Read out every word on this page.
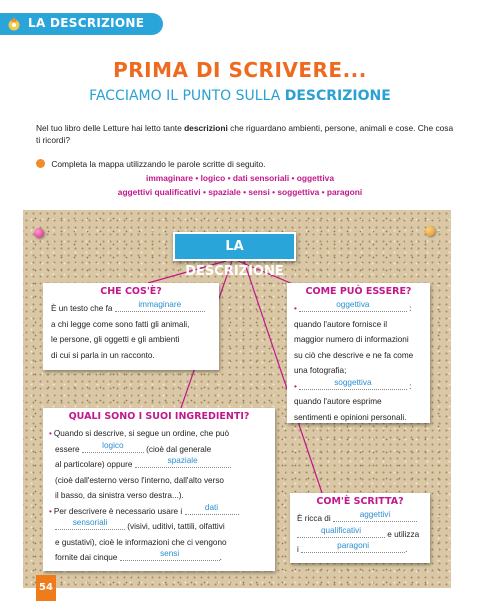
LA DESCRIZIONE
PRIMA DI SCRIVERE...
FACCIAMO IL PUNTO SULLA DESCRIZIONE

Nel tuo libro delle Letture hai letto tante descrizioni che riguardano ambienti, persone, animali e cose. Che cosa ti ricordi?

Completa la mappa utilizzando le parole scritte di seguito.

immaginare • logico • dati sensoriali • oggettiva
aggettivi qualificativi • spaziale • sensi • soggettiva • paragoni
LA DESCRIZIONE
CHE COS'È?
È un testo che fa	immaginare
a chi legge come sono fatti gli animali,
le persone, gli oggetti e gli ambienti
di cui si parla in un racconto.
COME PUÒ ESSERE?
•	oggettiva	:
quando l'autore fornisce il
maggior numero di informazioni
su ciò che descrive e ne fa come
una fotografia;
•	soggettiva	:
quando l'autore esprime
sentimenti e opinioni personali.
QUALI SONO I SUOI INGREDIENTI?
• Quando si descrive, si segue un ordine, che può
essere	logico	(cioè dal generale
al particolare) oppure	spaziale
(cioè dall'esterno verso l'interno, dall'alto verso
il basso, da sinistra verso destra...).
• Per descrivere è necessario usare i	dati
sensoriali (visivi, uditivi, tattili, olfattivi
e gustativi), cioè le informazioni che ci vengono
fornite dai cinque	sensi	.
COM'È SCRITTA?
È ricca di	aggettivi
qualificativi	e utilizza
i	paragoni	.
54
